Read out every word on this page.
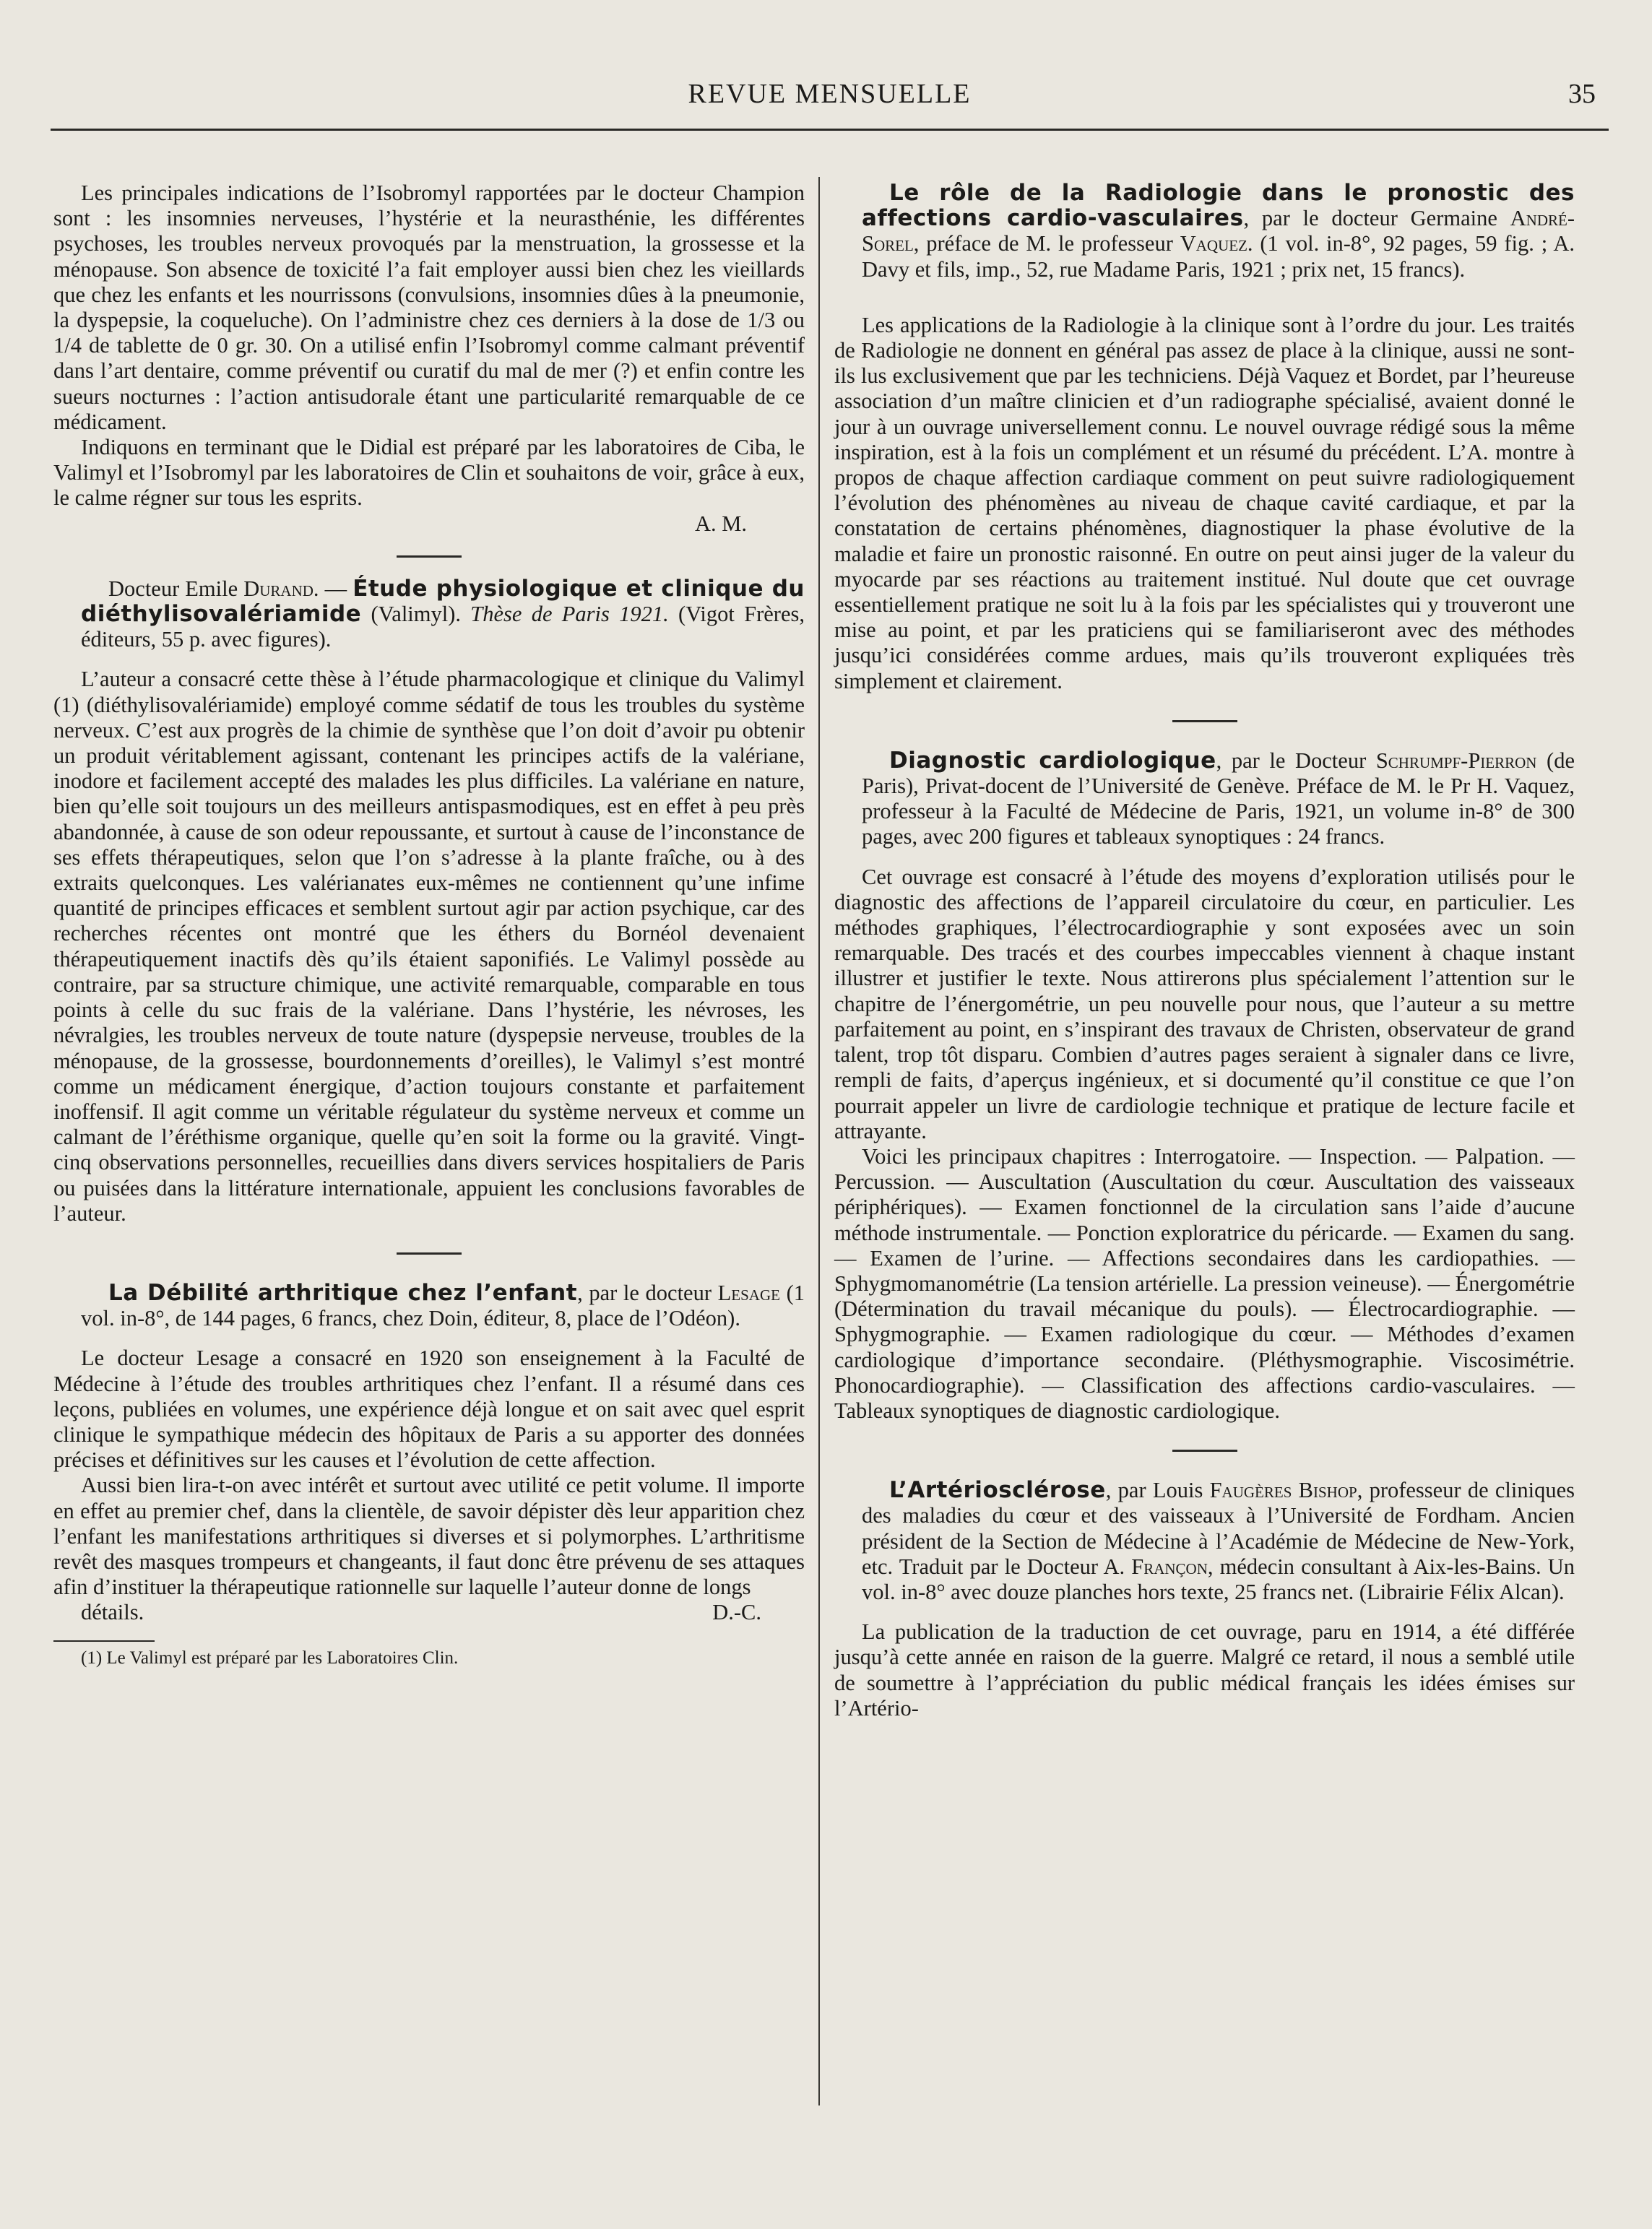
REVUE MENSUELLE	35

Les principales indications de l’Isobromyl rapportées par le docteur Champion sont : les insomnies nerveuses, l’hystérie et la neurasthénie, les différentes psychoses, les troubles nerveux provoqués par la menstruation, la grossesse et la ménopause. Son absence de toxicité l’a fait employer aussi bien chez les vieillards que chez les enfants et les nourrissons (convulsions, insomnies dûes à la pneumonie, la dyspepsie, la coqueluche). On l’administre chez ces derniers à la dose de 1/3 ou 1/4 de tablette de 0 gr. 30. On a utilisé enfin l’Isobromyl comme calmant préventif dans l’art dentaire, comme préventif ou curatif du mal de mer (?) et enfin contre les sueurs nocturnes : l’action antisudorale étant une particularité remarquable de ce médicament.

Indiquons en terminant que le Didial est préparé par les laboratoires de Ciba, le Valimyl et l’Isobromyl par les laboratoires de Clin et souhaitons de voir, grâce à eux, le calme régner sur tous les esprits.

A. M.

Docteur Emile Durand. — Étude physiologique et clinique du diéthylisovalériamide (Valimyl). Thèse de Paris 1921. (Vigot Frères, éditeurs, 55 p. avec figures).

L’auteur a consacré cette thèse à l’étude pharmacologique et clinique du Valimyl (1) (diéthylisovalériamide) employé comme sédatif de tous les troubles du système nerveux. C’est aux progrès de la chimie de synthèse que l’on doit d’avoir pu obtenir un produit véritablement agissant, contenant les principes actifs de la valériane, inodore et facilement accepté des malades les plus difficiles. La valériane en nature, bien qu’elle soit toujours un des meilleurs antispasmodiques, est en effet à peu près abandonnée, à cause de son odeur repoussante, et surtout à cause de l’inconstance de ses effets thérapeutiques, selon que l’on s’adresse à la plante fraîche, ou à des extraits quelconques. Les valérianates eux-mêmes ne contiennent qu’une infime quantité de principes efficaces et semblent surtout agir par action psychique, car des recherches récentes ont montré que les éthers du Bornéol devenaient thérapeutiquement inactifs dès qu’ils étaient saponifiés. Le Valimyl possède au contraire, par sa structure chimique, une activité remarquable, comparable en tous points à celle du suc frais de la valériane. Dans l’hystérie, les névroses, les névralgies, les troubles nerveux de toute nature (dyspepsie nerveuse, troubles de la ménopause, de la grossesse, bourdonnements d’oreilles), le Valimyl s’est montré comme un médicament énergique, d’action toujours constante et parfaitement inoffensif. Il agit comme un véritable régulateur du système nerveux et comme un calmant de l’éréthisme organique, quelle qu’en soit la forme ou la gravité. Vingt-cinq observations personnelles, recueillies dans divers services hospitaliers de Paris ou puisées dans la littérature internationale, appuient les conclusions favorables de l’auteur.

La Débilité arthritique chez l’enfant, par le docteur Lesage (1 vol. in-8°, de 144 pages, 6 francs, chez Doin, éditeur, 8, place de l’Odéon).

Le docteur Lesage a consacré en 1920 son enseignement à la Faculté de Médecine à l’étude des troubles arthritiques chez l’enfant. Il a résumé dans ces leçons, publiées en volumes, une expérience déjà longue et on sait avec quel esprit clinique le sympathique médecin des hôpitaux de Paris a su apporter des données précises et définitives sur les causes et l’évolution de cette affection.

Aussi bien lira-t-on avec intérêt et surtout avec utilité ce petit volume. Il importe en effet au premier chef, dans la clientèle, de savoir dépister dès leur apparition chez l’enfant les manifestations arthritiques si diverses et si polymorphes. L’arthritisme revêt des masques trompeurs et changeants, il faut donc être prévenu de ses attaques afin d’instituer la thérapeutique rationnelle sur laquelle l’auteur donne de longs

détails.	D.-C.

(1) Le Valimyl est préparé par les Laboratoires Clin.

Le rôle de la Radiologie dans le pronostic des affections cardio-vasculaires, par le docteur Germaine André-Sorel, préface de M. le professeur Vaquez. (1 vol. in-8°, 92 pages, 59 fig. ; A. Davy et fils, imp., 52, rue Madame Paris, 1921 ; prix net, 15 francs).

Les applications de la Radiologie à la clinique sont à l’ordre du jour. Les traités de Radiologie ne donnent en général pas assez de place à la clinique, aussi ne sont-ils lus exclusivement que par les techniciens. Déjà Vaquez et Bordet, par l’heureuse association d’un maître clinicien et d’un radiographe spécialisé, avaient donné le jour à un ouvrage universellement connu. Le nouvel ouvrage rédigé sous la même inspiration, est à la fois un complément et un résumé du précédent. L’A. montre à propos de chaque affection cardiaque comment on peut suivre radiologiquement l’évolution des phénomènes au niveau de chaque cavité cardiaque, et par la constatation de certains phénomènes, diagnostiquer la phase évolutive de la maladie et faire un pronostic raisonné. En outre on peut ainsi juger de la valeur du myocarde par ses réactions au traitement institué. Nul doute que cet ouvrage essentiellement pratique ne soit lu à la fois par les spécialistes qui y trouveront une mise au point, et par les praticiens qui se familiariseront avec des méthodes jusqu’ici considérées comme ardues, mais qu’ils trouveront expliquées très simplement et clairement.

Diagnostic cardiologique, par le Docteur Schrumpf-Pierron (de Paris), Privat-docent de l’Université de Genève. Préface de M. le Pr H. Vaquez, professeur à la Faculté de Médecine de Paris, 1921, un volume in-8° de 300 pages, avec 200 figures et tableaux synoptiques : 24 francs.

Cet ouvrage est consacré à l’étude des moyens d’exploration utilisés pour le diagnostic des affections de l’appareil circulatoire du cœur, en particulier. Les méthodes graphiques, l’électrocardiographie y sont exposées avec un soin remarquable. Des tracés et des courbes impeccables viennent à chaque instant illustrer et justifier le texte. Nous attirerons plus spécialement l’attention sur le chapitre de l’énergométrie, un peu nouvelle pour nous, que l’auteur a su mettre parfaitement au point, en s’inspirant des travaux de Christen, observateur de grand talent, trop tôt disparu. Combien d’autres pages seraient à signaler dans ce livre, rempli de faits, d’aperçus ingénieux, et si documenté qu’il constitue ce que l’on pourrait appeler un livre de cardiologie technique et pratique de lecture facile et attrayante.

Voici les principaux chapitres : Interrogatoire. — Inspection. — Palpation. — Percussion. — Auscultation (Auscultation du cœur. Auscultation des vaisseaux périphériques). — Examen fonctionnel de la circulation sans l’aide d’aucune méthode instrumentale. — Ponction exploratrice du péricarde. — Examen du sang. — Examen de l’urine. — Affections secondaires dans les cardiopathies. — Sphygmomanométrie (La tension artérielle. La pression veineuse). — Énergométrie (Détermination du travail mécanique du pouls). — Électrocardiographie. — Sphygmographie. — Examen radiologique du cœur. — Méthodes d’examen cardiologique d’importance secondaire. (Pléthysmographie. Viscosimétrie. Phonocardiographie). — Classification des affections cardio-vasculaires. — Tableaux synoptiques de diagnostic cardiologique.

L’Artériosclérose, par Louis Faugères Bishop, professeur de cliniques des maladies du cœur et des vaisseaux à l’Université de Fordham. Ancien président de la Section de Médecine à l’Académie de Médecine de New-York, etc. Traduit par le Docteur A. Françon, médecin consultant à Aix-les-Bains. Un vol. in-8° avec douze planches hors texte, 25 francs net. (Librairie Félix Alcan).

La publication de la traduction de cet ouvrage, paru en 1914, a été différée jusqu’à cette année en raison de la guerre. Malgré ce retard, il nous a semblé utile de soumettre à l’appréciation du public médical français les idées émises sur l’Artério-
